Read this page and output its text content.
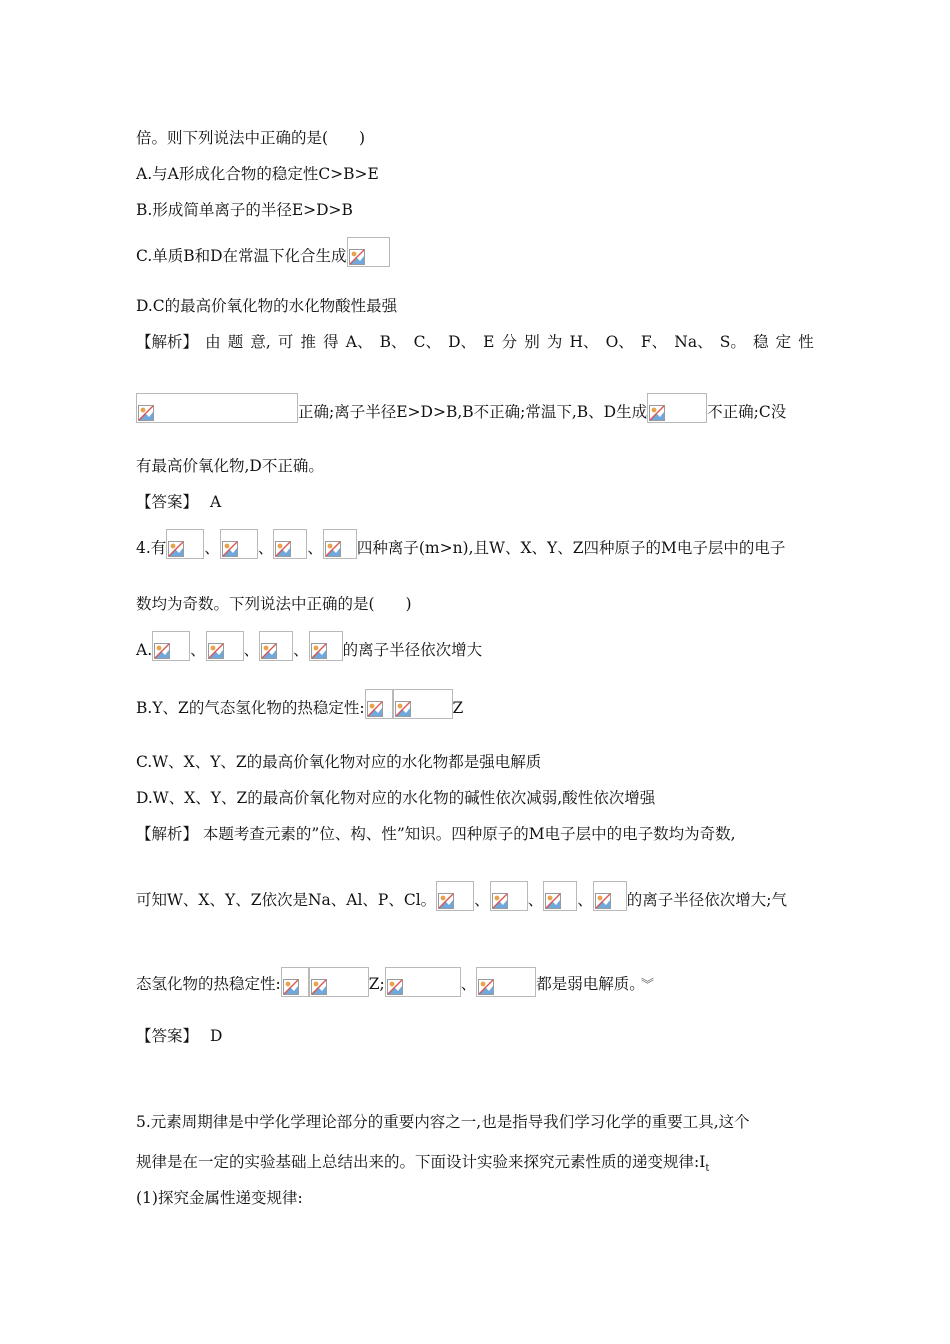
倍。则下列说法中正确的是(　　)
A.与A形成化合物的稳定性C>B>E
B.形成简单离子的半径E>D>B
C.单质B和D在常温下化合生成
D.C的最高价氧化物的水化物酸性最强
【解析】 由 题 意, 可 推 得 A、 B、 C、 D、 E 分 别 为 H、 O、 F、 Na、 S。 稳 定 性
正确;离子半径E>D>B,B不正确;常温下,B、D生成	不正确;C没
有最高价氧化物,D不正确。
【答案】 A
4.有 、 、 、 四种离子(m>n),且W、X、Y、Z四种原子的M电子层中的电子
数均为奇数。下列说法中正确的是(　　)
A. 、 、 、 的离子半径依次增大
B.Y、Z的气态氢化物的热稳定性:	Z
C.W、X、Y、Z的最高价氧化物对应的水化物都是强电解质
D.W、X、Y、Z的最高价氧化物对应的水化物的碱性依次减弱,酸性依次增强
【解析】 本题考查元素的”位、构、性”知识。四种原子的M电子层中的电子数均为奇数,
可知W、X、Y、Z依次是Na、Al、P、Cl。 、 、 、 的离子半径依次增大;气
态氢化物的热稳定性:	Z;	、	都是弱电解质。 ︾
【答案】 D
5.元素周期律是中学化学理论部分的重要内容之一,也是指导我们学习化学的重要工具,这个
规律是在一定的实验基础上总结出来的。下面设计实验来探究元素性质的递变规律$:Ⅰ_t$
(1)探究金属性递变规律:
